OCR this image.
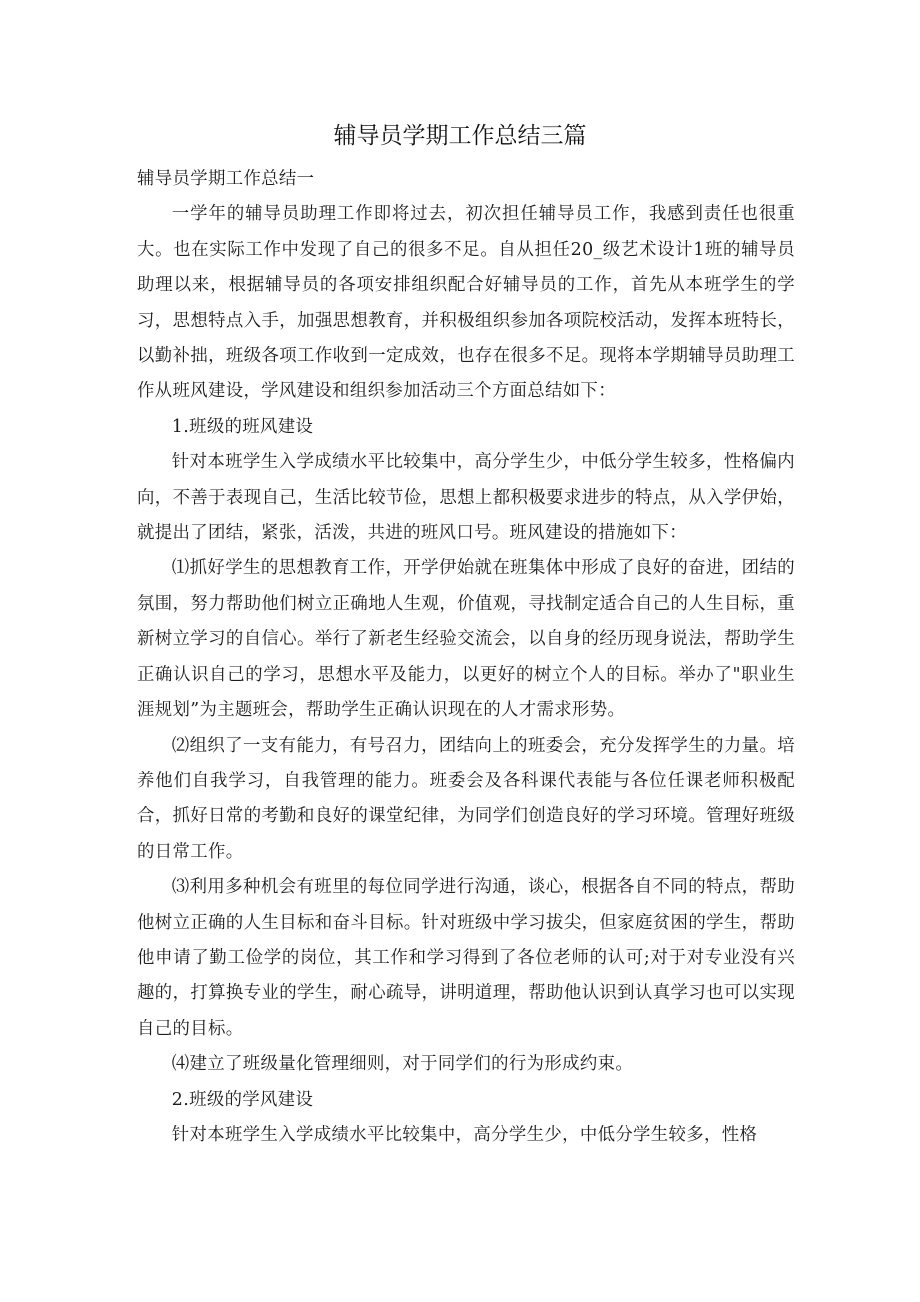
辅导员学期工作总结三篇

辅导员学期工作总结一

一学年的辅导员助理工作即将过去，初次担任辅导员工作，我感到责任也很重大。也在实际工作中发现了自己的很多不足。自从担任20_级艺术设计1班的辅导员助理以来，根据辅导员的各项安排组织配合好辅导员的工作，首先从本班学生的学习，思想特点入手，加强思想教育，并积极组织参加各项院校活动，发挥本班特长，以勤补拙，班级各项工作收到一定成效，也存在很多不足。现将本学期辅导员助理工作从班风建设，学风建设和组织参加活动三个方面总结如下：

1.班级的班风建设

针对本班学生入学成绩水平比较集中，高分学生少，中低分学生较多，性格偏内向，不善于表现自己，生活比较节俭，思想上都积极要求进步的特点，从入学伊始，就提出了团结，紧张，活泼，共进的班风口号。班风建设的措施如下：

⑴抓好学生的思想教育工作，开学伊始就在班集体中形成了良好的奋进，团结的氛围，努力帮助他们树立正确地人生观，价值观，寻找制定适合自己的人生目标，重新树立学习的自信心。举行了新老生经验交流会，以自身的经历现身说法，帮助学生正确认识自己的学习，思想水平及能力，以更好的树立个人的目标。举办了"职业生涯规划”为主题班会，帮助学生正确认识现在的人才需求形势。

⑵组织了一支有能力，有号召力，团结向上的班委会，充分发挥学生的力量。培养他们自我学习，自我管理的能力。班委会及各科课代表能与各位任课老师积极配合，抓好日常的考勤和良好的课堂纪律，为同学们创造良好的学习环境。管理好班级的日常工作。

⑶利用多种机会有班里的每位同学进行沟通，谈心，根据各自不同的特点，帮助他树立正确的人生目标和奋斗目标。针对班级中学习拔尖，但家庭贫困的学生，帮助他申请了勤工俭学的岗位，其工作和学习得到了各位老师的认可;对于对专业没有兴趣的，打算换专业的学生，耐心疏导，讲明道理，帮助他认识到认真学习也可以实现自己的目标。

⑷建立了班级量化管理细则，对于同学们的行为形成约束。

2.班级的学风建设

针对本班学生入学成绩水平比较集中，高分学生少，中低分学生较多，性格
